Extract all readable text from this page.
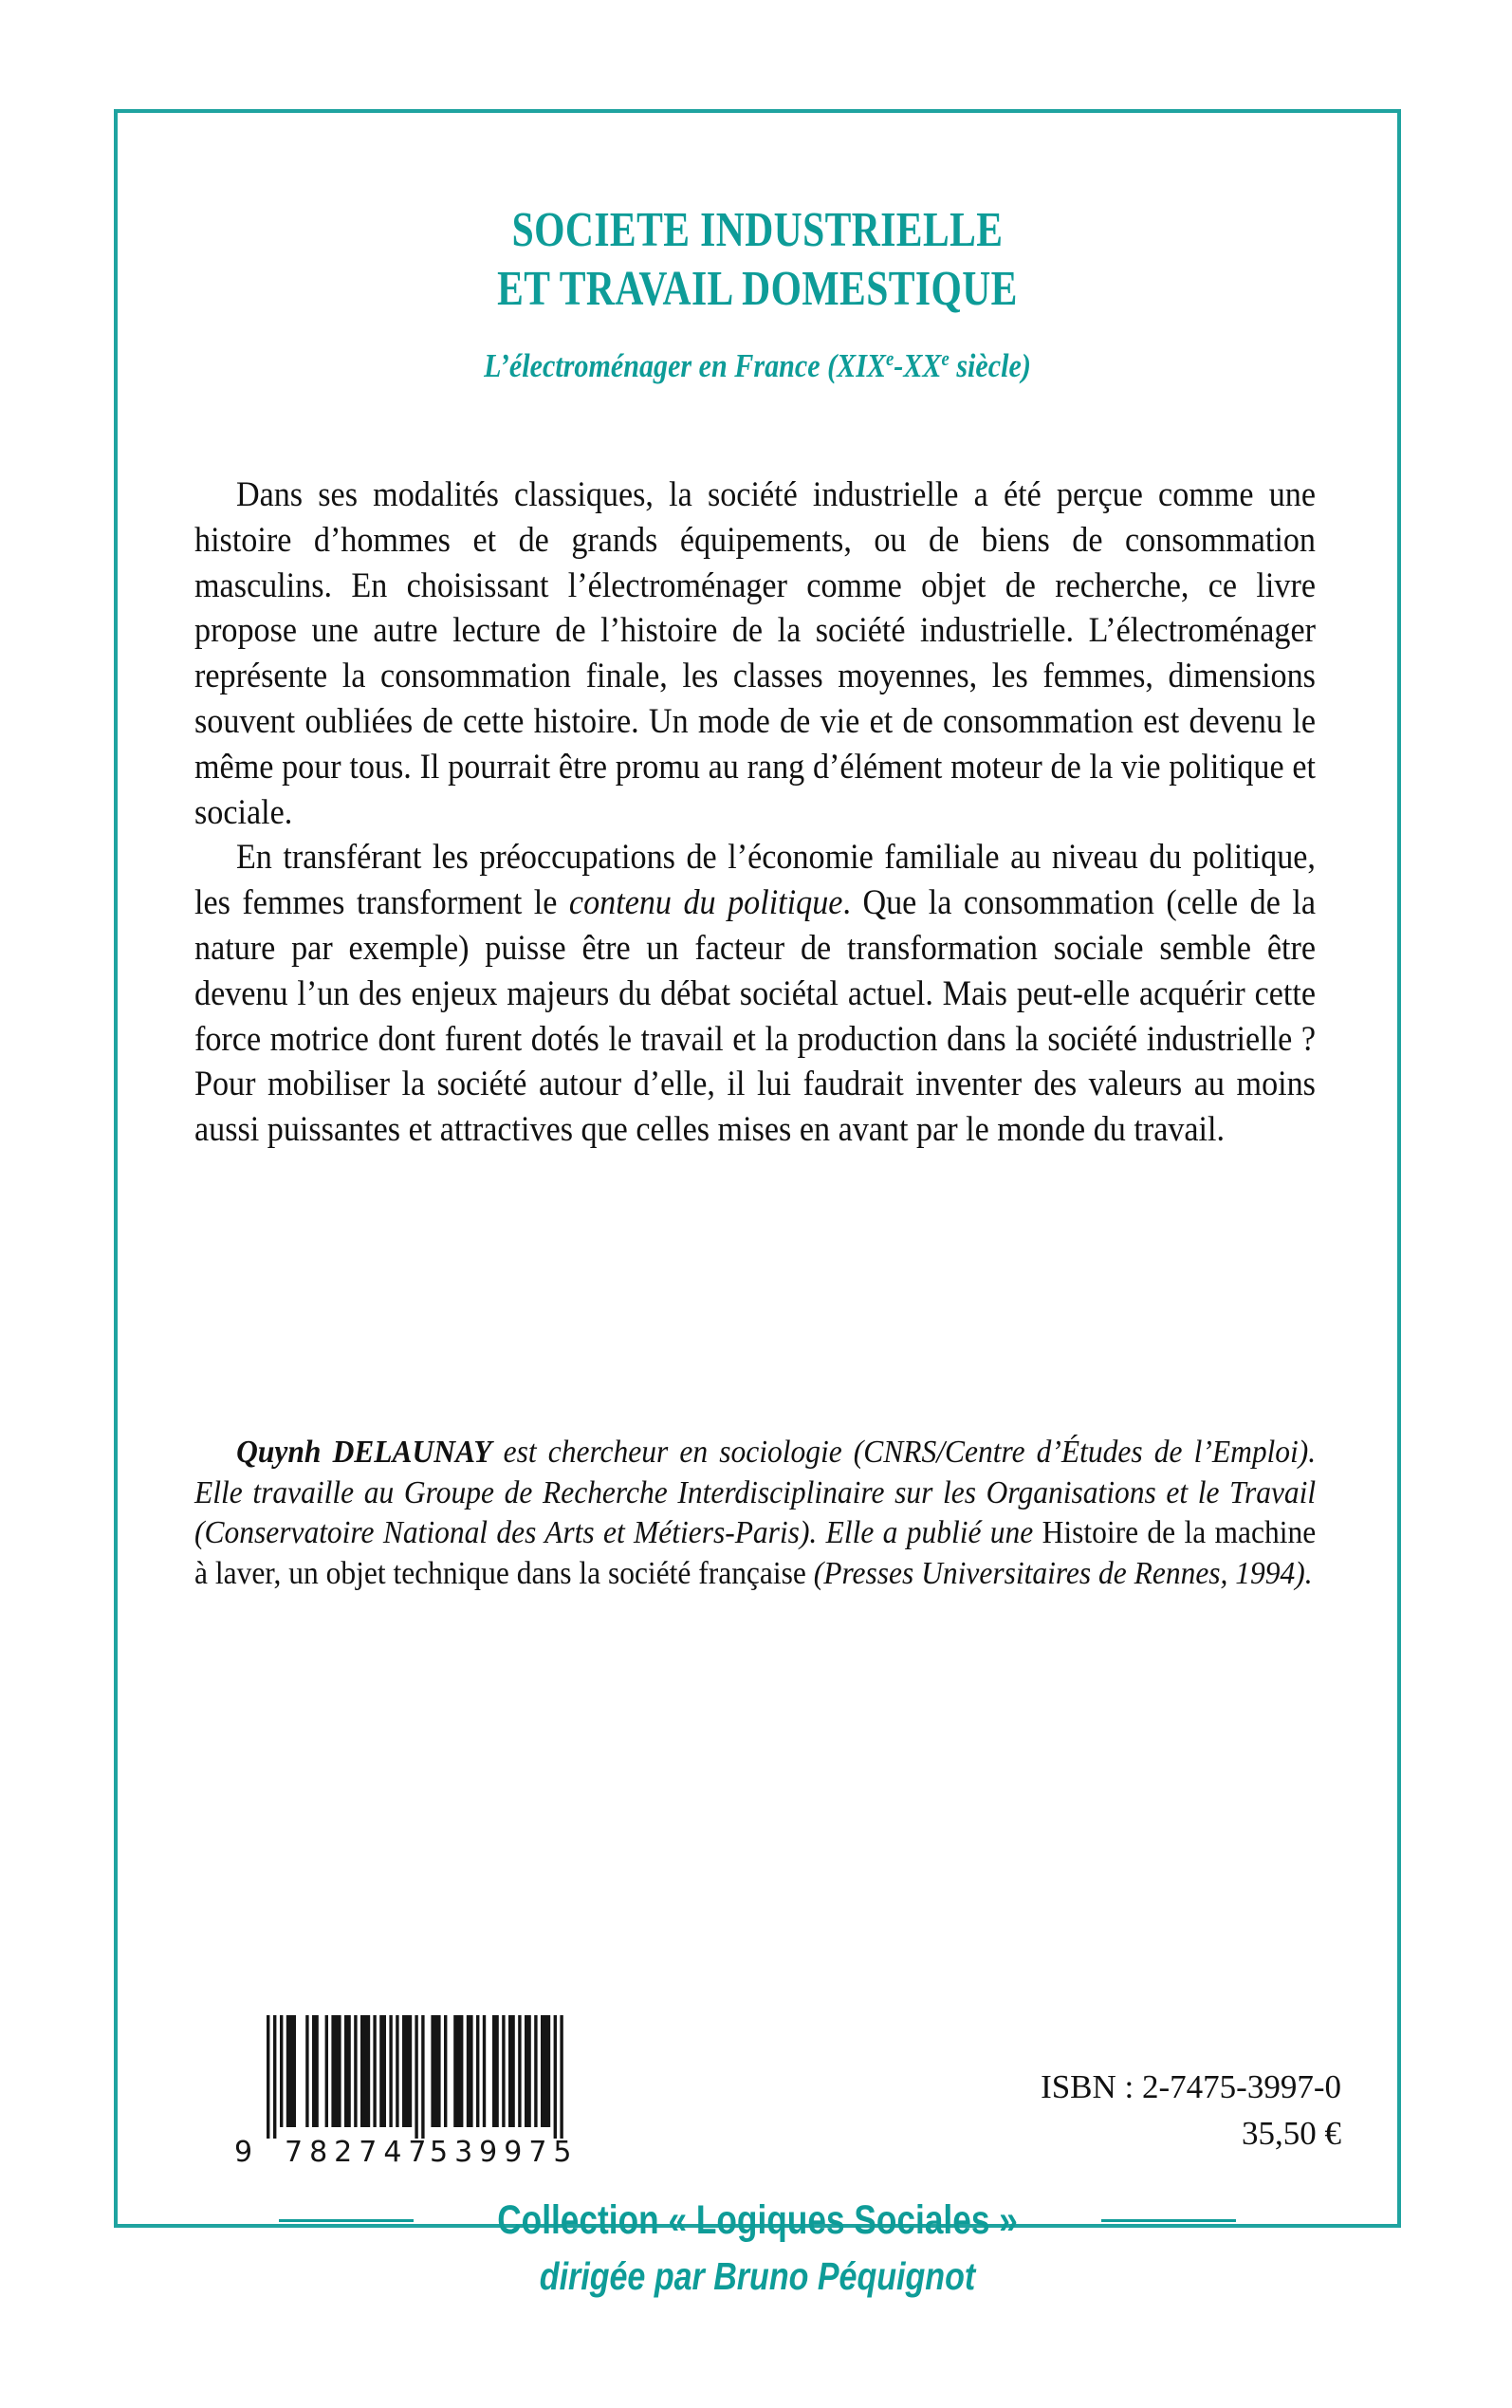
SOCIETE INDUSTRIELLE
ET TRAVAIL DOMESTIQUE
L’électroménager en France (XIXe-XXe siècle)

Dans ses modalités classiques, la société industrielle a été perçue comme une histoire d’hommes et de grands équipements, ou de biens de consommation masculins. En choisissant l’électroménager comme objet de recherche, ce livre propose une autre lecture de l’histoire de la société industrielle. L’électroménager représente la consommation finale, les classes moyennes, les femmes, dimensions souvent oubliées de cette histoire. Un mode de vie et de consommation est devenu le même pour tous. Il pourrait être promu au rang d’élément moteur de la vie politique et sociale.

En transférant les préoccupations de l’économie familiale au niveau du politique, les femmes transforment le contenu du politique. Que la consommation (celle de la nature par exemple) puisse être un facteur de transformation sociale semble être devenu l’un des enjeux majeurs du débat sociétal actuel. Mais peut-elle acquérir cette force motrice dont furent dotés le travail et la production dans la société industrielle ? Pour mobiliser la société autour d’elle, il lui faudrait inventer des valeurs au moins aussi puissantes et attractives que celles mises en avant par le monde du travail.

Quynh DELAUNAY est chercheur en sociologie (CNRS/Centre d’Études de l’Emploi). Elle travaille au Groupe de Recherche Interdisciplinaire sur les Organisations et le Travail (Conservatoire National des Arts et Métiers-Paris). Elle a publié une Histoire de la machine à laver, un objet technique dans la société française (Presses Universitaires de Rennes, 1994).
9 782747
539975
ISBN : 2-7475-3997-0
35,50 €
Collection « Logiques Sociales »
dirigée par Bruno Péquignot
